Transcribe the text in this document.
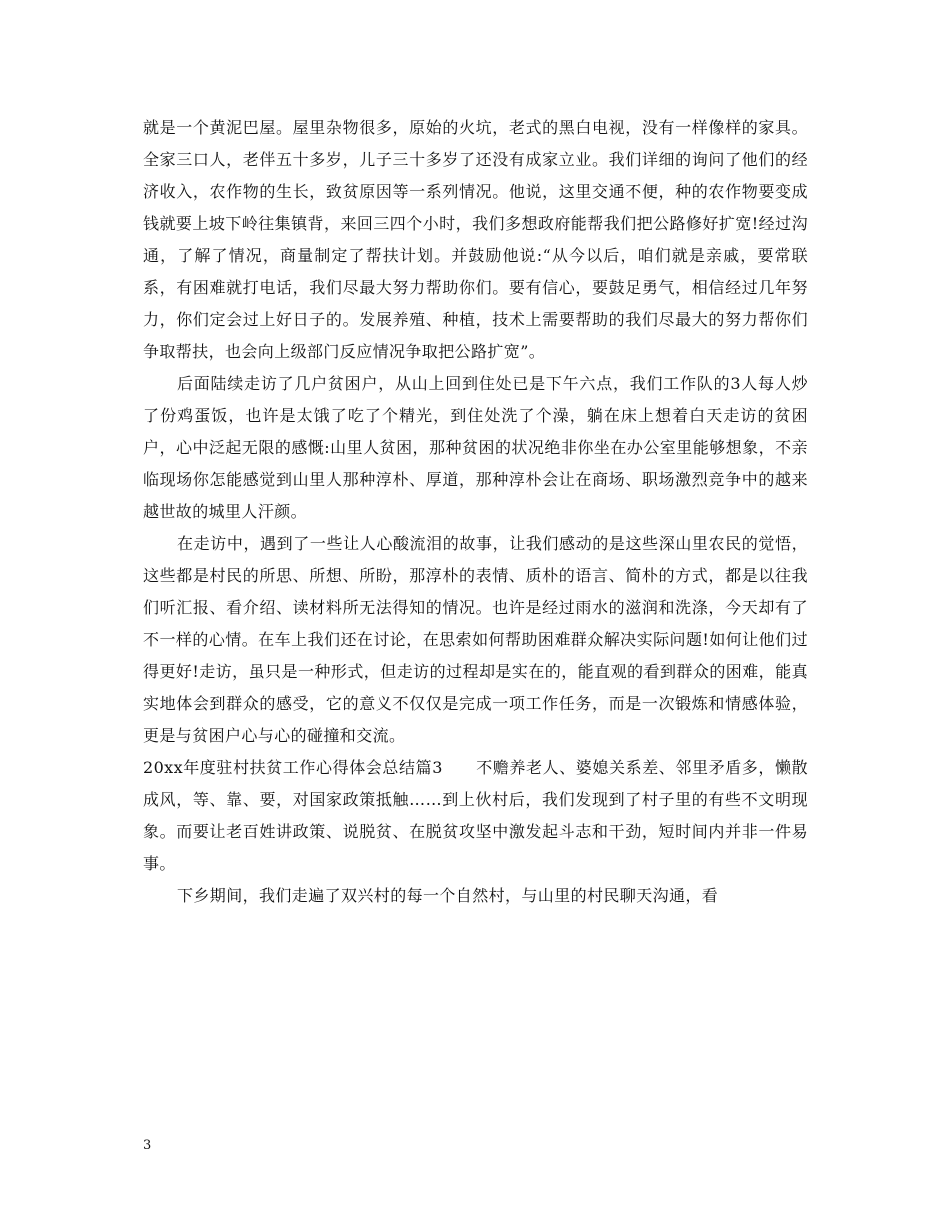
就是一个黄泥巴屋。屋里杂物很多，原始的火坑，老式的黑白电视，没有一样像样的家具。全家三口人，老伴五十多岁，儿子三十多岁了还没有成家立业。我们详细的询问了他们的经济收入，农作物的生长，致贫原因等一系列情况。他说，这里交通不便，种的农作物要变成钱就要上坡下岭往集镇背，来回三四个小时，我们多想政府能帮我们把公路修好扩宽!经过沟通，了解了情况，商量制定了帮扶计划。并鼓励他说:“从今以后，咱们就是亲戚，要常联系，有困难就打电话，我们尽最大努力帮助你们。要有信心，要鼓足勇气，相信经过几年努力，你们定会过上好日子的。发展养殖、种植，技术上需要帮助的我们尽最大的努力帮你们争取帮扶，也会向上级部门反应情况争取把公路扩宽”。

后面陆续走访了几户贫困户，从山上回到住处已是下午六点，我们工作队的3人每人炒了份鸡蛋饭，也许是太饿了吃了个精光，到住处洗了个澡，躺在床上想着白天走访的贫困户，心中泛起无限的感慨:山里人贫困，那种贫困的状况绝非你坐在办公室里能够想象，不亲临现场你怎能感觉到山里人那种淳朴、厚道，那种淳朴会让在商场、职场激烈竞争中的越来越世故的城里人汗颜。

在走访中，遇到了一些让人心酸流泪的故事，让我们感动的是这些深山里农民的觉悟，这些都是村民的所思、所想、所盼，那淳朴的表情、质朴的语言、简朴的方式，都是以往我们听汇报、看介绍、读材料所无法得知的情况。也许是经过雨水的滋润和洗涤，今天却有了不一样的心情。在车上我们还在讨论，在思索如何帮助困难群众解决实际问题!如何让他们过得更好!走访，虽只是一种形式，但走访的过程却是实在的，能直观的看到群众的困难，能真实地体会到群众的感受，它的意义不仅仅是完成一项工作任务，而是一次锻炼和情感体验，更是与贫困户心与心的碰撞和交流。

20xx年度驻村扶贫工作心得体会总结篇3　　不赡养老人、婆媳关系差、邻里矛盾多，懒散成风，等、靠、要，对国家政策抵触……到上伙村后，我们发现到了村子里的有些不文明现象。而要让老百姓讲政策、说脱贫、在脱贫攻坚中激发起斗志和干劲，短时间内并非一件易事。

下乡期间，我们走遍了双兴村的每一个自然村，与山里的村民聊天沟通，看

3
